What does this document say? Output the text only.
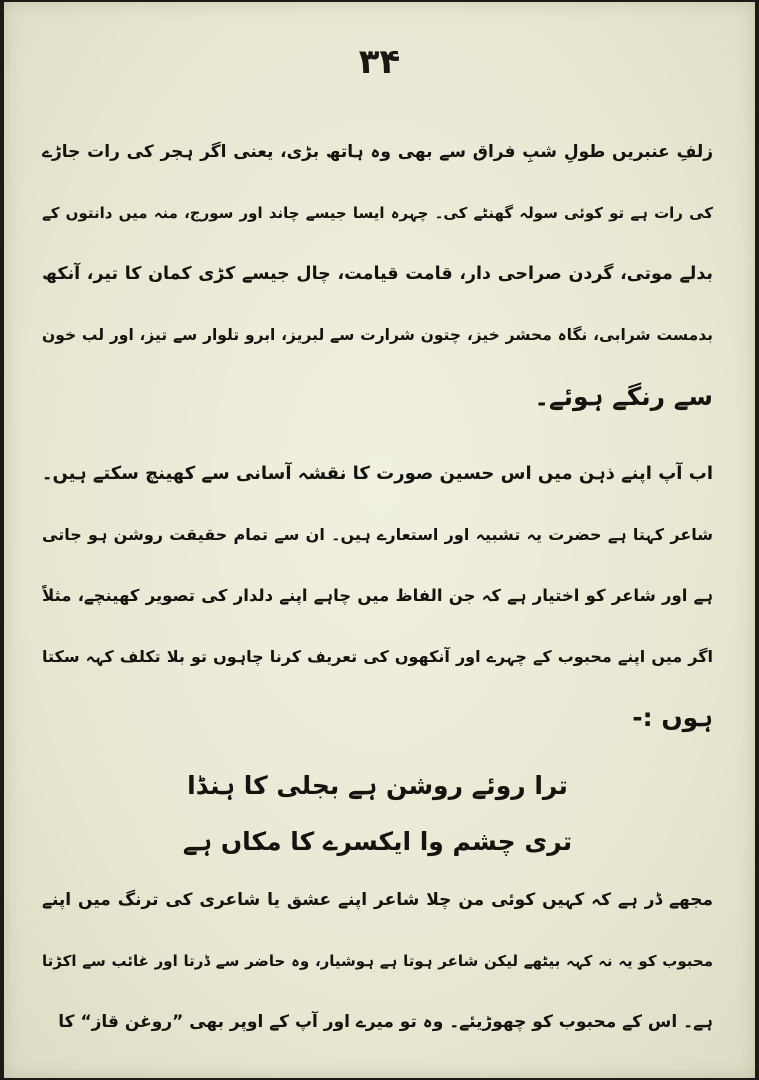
۳۴
زلفِ عنبریں طولِ شبِ فراق سے بھی وہ ہاتھ بڑی، یعنی اگر ہجر کی رات جاڑے
کی رات ہے تو کوئی سولہ گھنٹے کی۔ چہرہ ایسا جیسے چاند اور سورج، منہ میں دانتوں کے
بدلے موتی، گردن صراحی دار، قامت قیامت، چال جیسے کڑی کمان کا تیر، آنکھ
بدمست شرابی، نگاہ محشر خیز، چتون شرارت سے لبریز، ابرو تلوار سے تیز، اور لب خون
سے رنگے ہوئے۔
اب آپ اپنے ذہن میں اس حسین صورت کا نقشہ آسانی سے کھینچ سکتے ہیں۔
شاعر کہتا ہے حضرت یہ تشبیہ اور استعارے ہیں۔ ان سے تمام حقیقت روشن ہو جاتی
ہے اور شاعر کو اختیار ہے کہ جن الفاظ میں چاہے اپنے دلدار کی تصویر کھینچے، مثلاً
اگر میں اپنے محبوب کے چہرے اور آنکھوں کی تعریف کرنا چاہوں تو بلا تکلف کہہ سکتا
ہوں :-
ترا روئے روشن ہے بجلی کا ہنڈا
تری چشم وا ایکسرے کا مکاں ہے
مجھے ڈر ہے کہ کہیں کوئی من چلا شاعر اپنے عشق یا شاعری کی ترنگ میں اپنے
محبوب کو یہ نہ کہہ بیٹھے لیکن شاعر ہوتا ہے ہوشیار، وہ حاضر سے ڈرتا اور غائب سے اکڑتا
ہے۔ اس کے محبوب کو چھوڑیئے۔ وہ تو میرے اور آپ کے اوپر بھی ”روغن قاز“ کا
